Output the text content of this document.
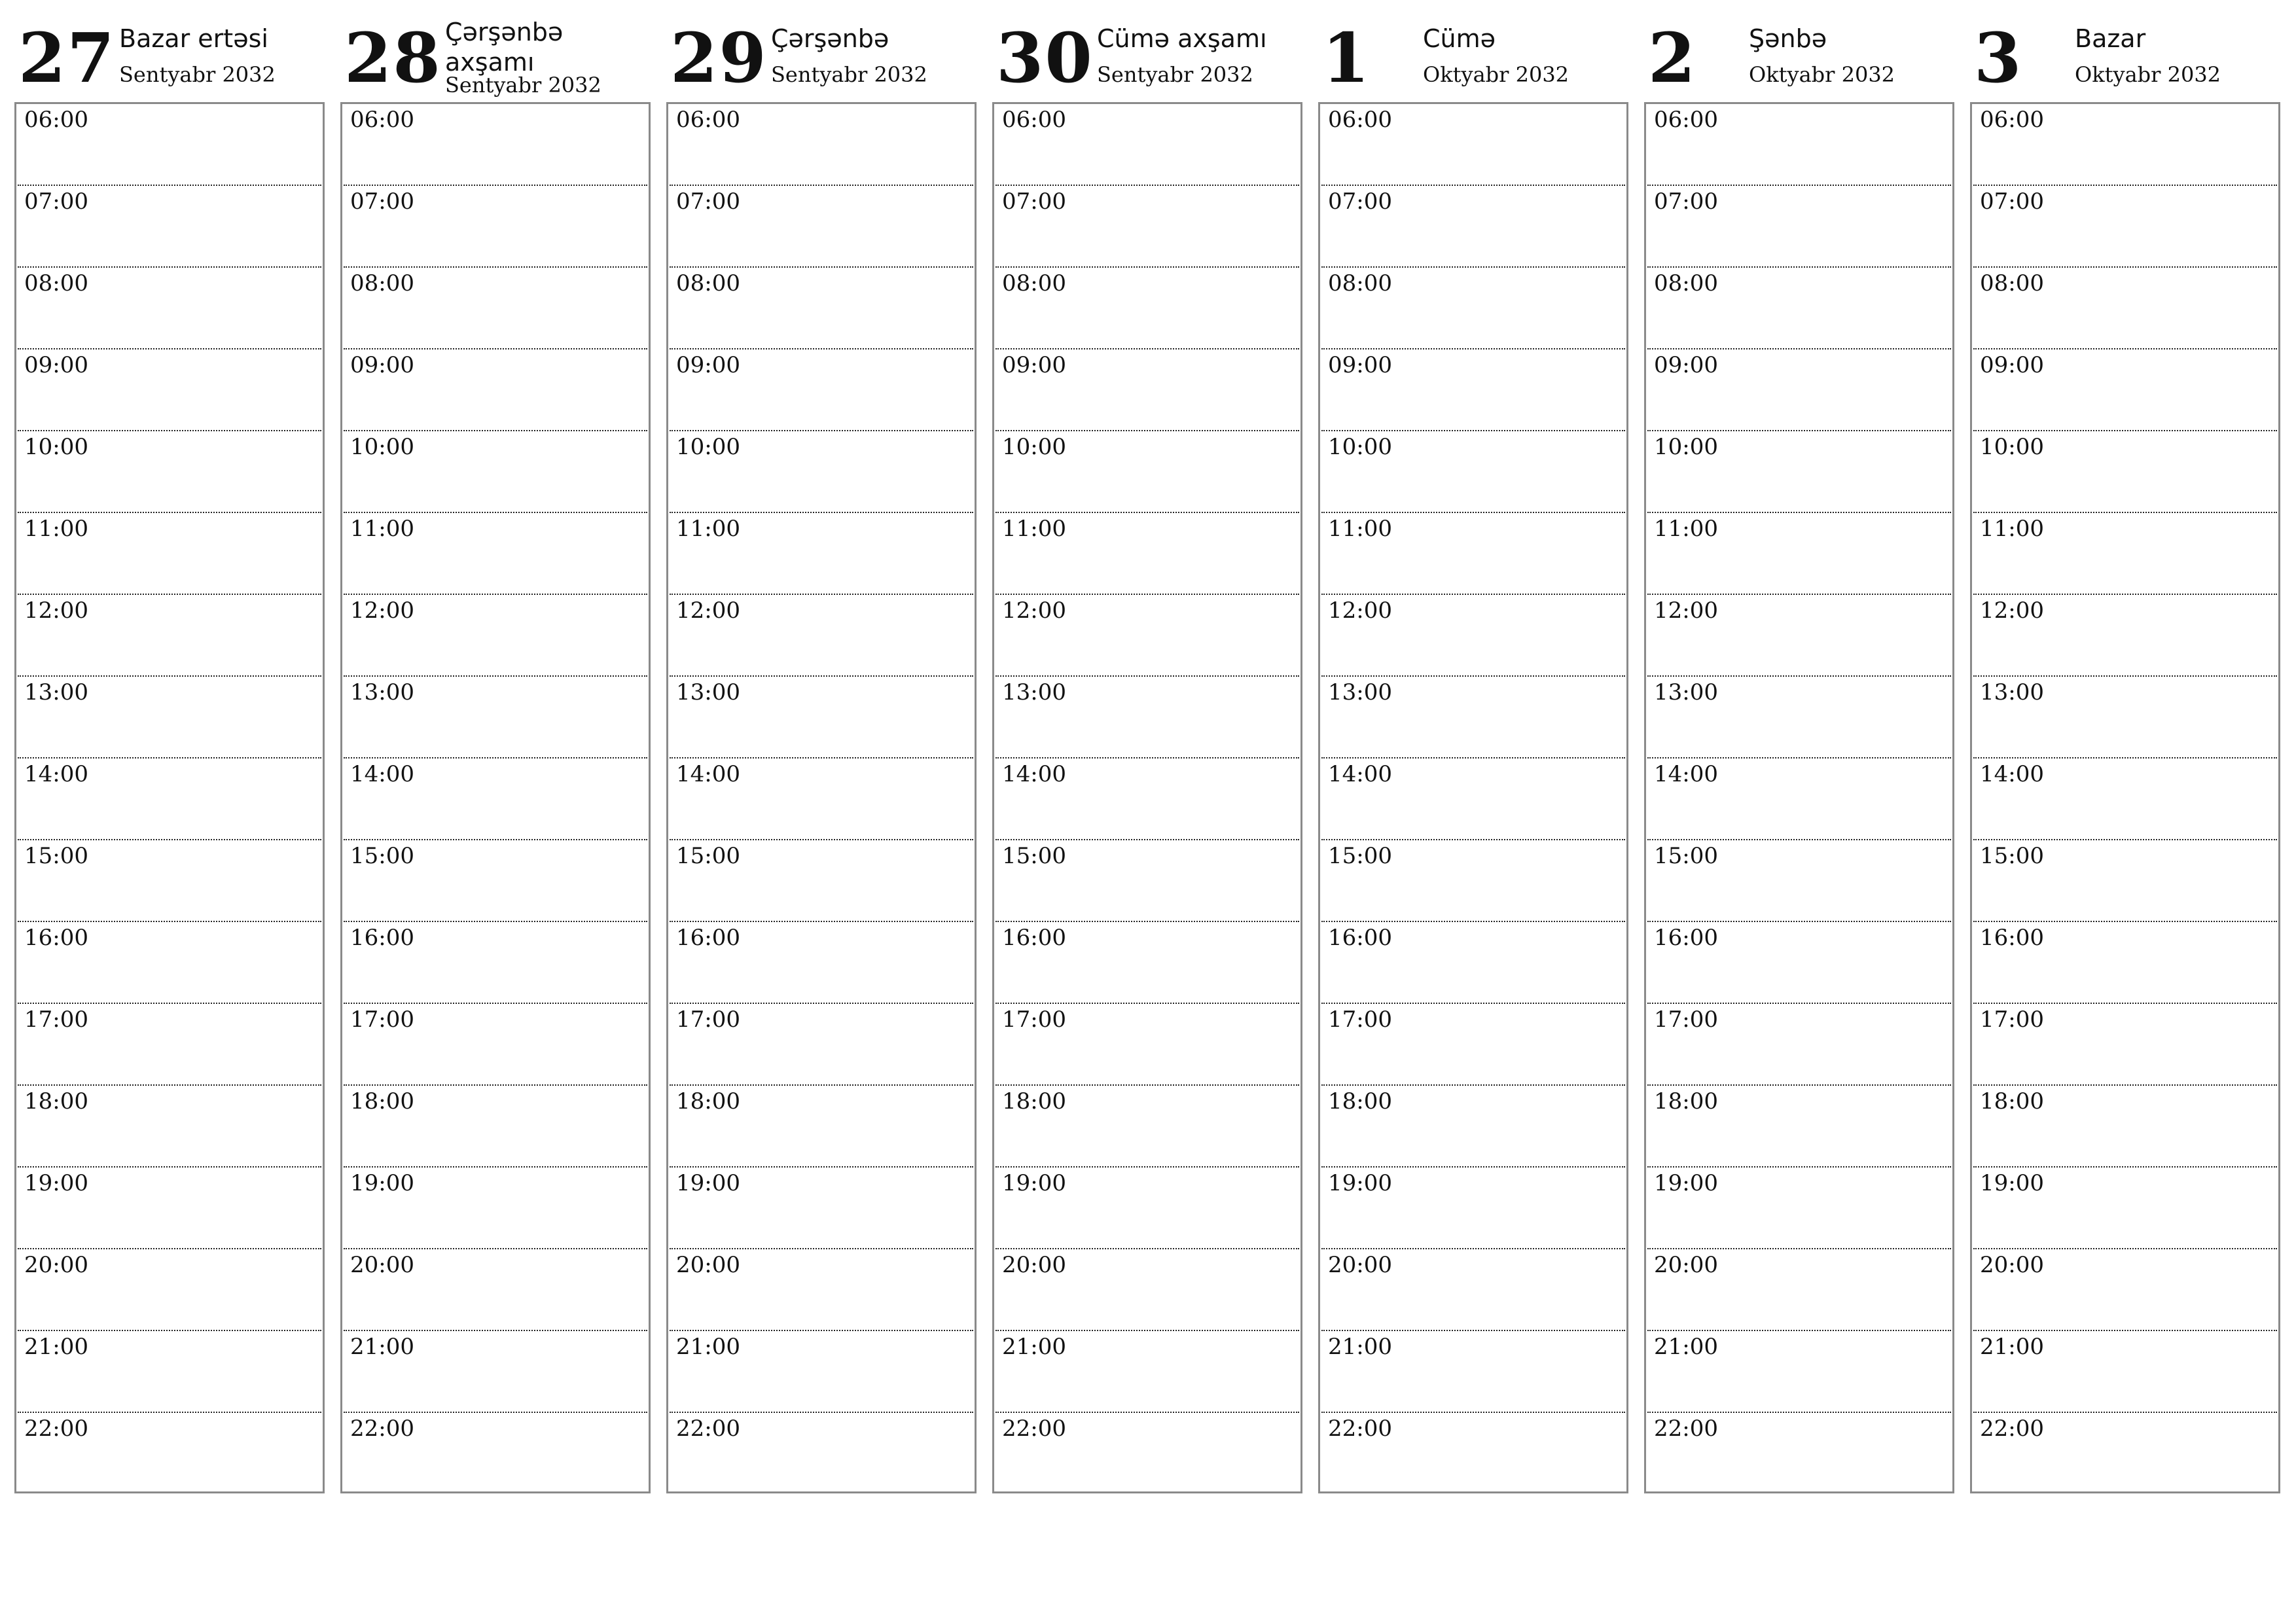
27 Bazar ertəsi
Sentyabr 2032
06:00
07:00
08:00
09:00
10:00
11:00
12:00
13:00
14:00
15:00
16:00
17:00
18:00
19:00
20:00
21:00
22:00
28 Çərşənbə axşamı
Sentyabr 2032
06:00
07:00
08:00
09:00
10:00
11:00
12:00
13:00
14:00
15:00
16:00
17:00
18:00
19:00
20:00
21:00
22:00
29 Çərşənbə
Sentyabr 2032
06:00
07:00
08:00
09:00
10:00
11:00
12:00
13:00
14:00
15:00
16:00
17:00
18:00
19:00
20:00
21:00
22:00
30 Cümə axşamı
Sentyabr 2032
06:00
07:00
08:00
09:00
10:00
11:00
12:00
13:00
14:00
15:00
16:00
17:00
18:00
19:00
20:00
21:00
22:00
1 Cümə
Oktyabr 2032
06:00
07:00
08:00
09:00
10:00
11:00
12:00
13:00
14:00
15:00
16:00
17:00
18:00
19:00
20:00
21:00
22:00
2 Şənbə
Oktyabr 2032
06:00
07:00
08:00
09:00
10:00
11:00
12:00
13:00
14:00
15:00
16:00
17:00
18:00
19:00
20:00
21:00
22:00
3 Bazar
Oktyabr 2032
06:00
07:00
08:00
09:00
10:00
11:00
12:00
13:00
14:00
15:00
16:00
17:00
18:00
19:00
20:00
21:00
22:00
